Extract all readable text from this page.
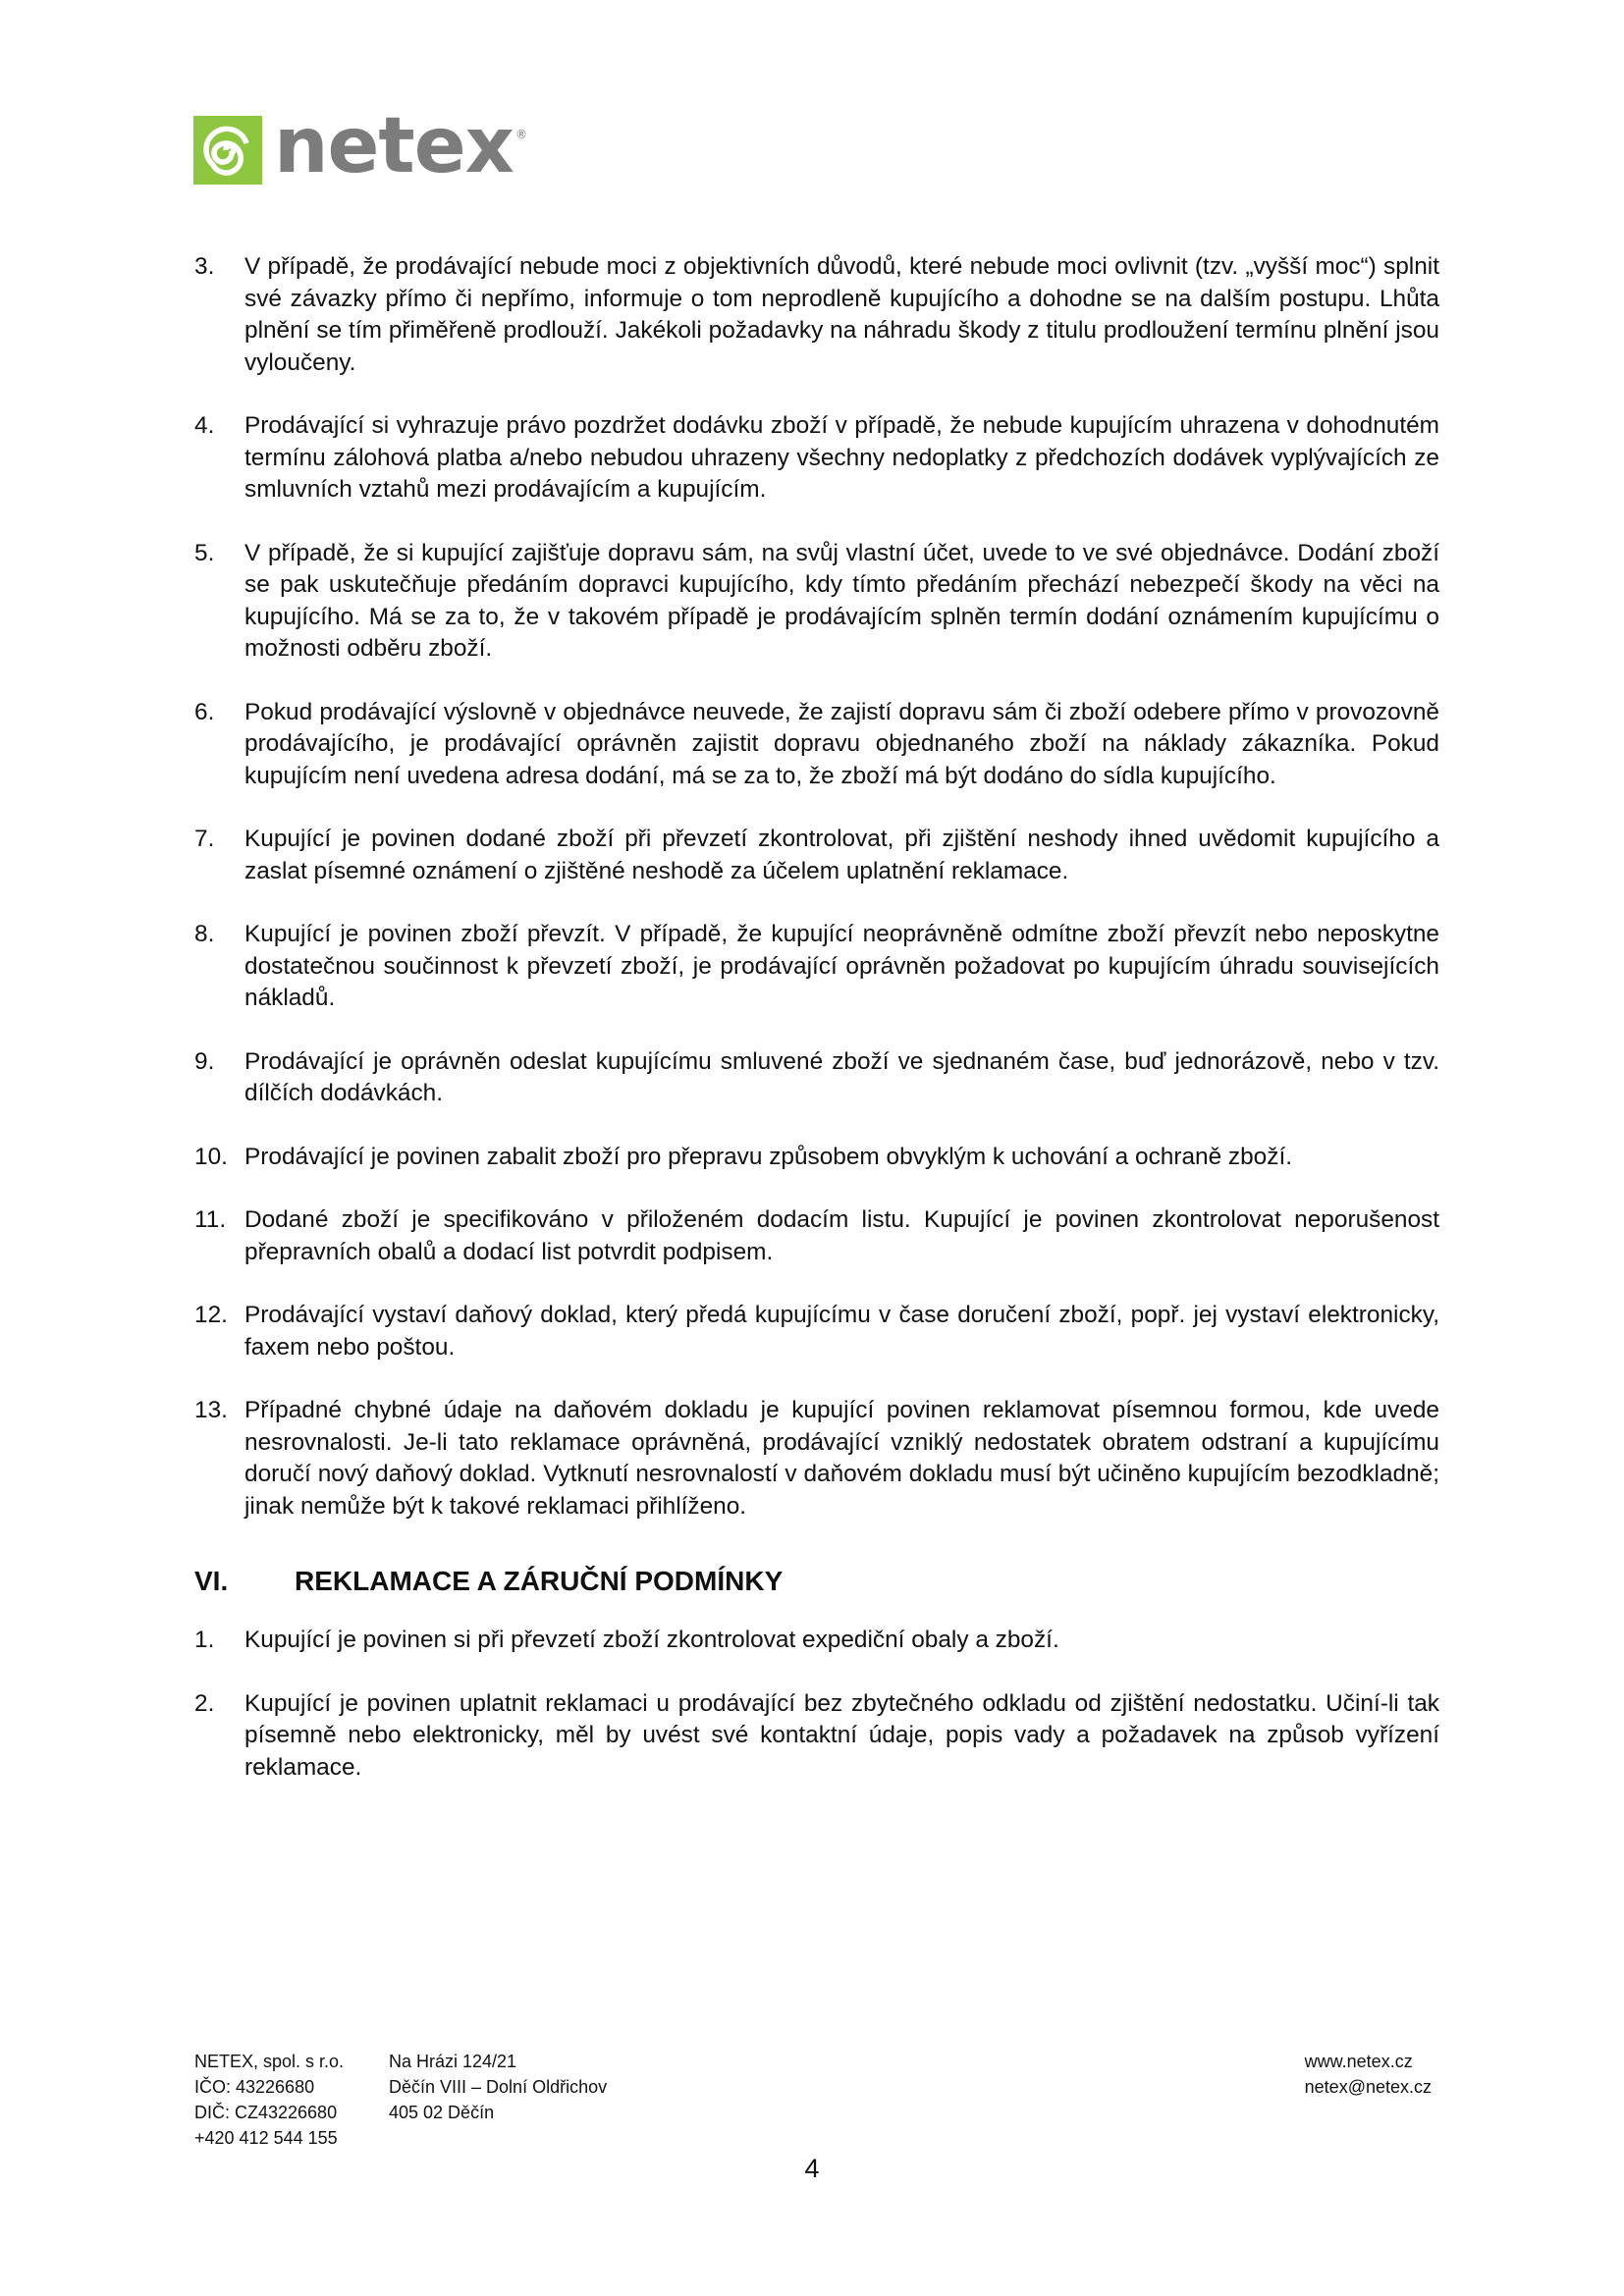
netex ®
3.	V případě, že prodávající nebude moci z objektivních důvodů, které nebude moci ovlivnit (tzv. „vyšší moc“) splnit své závazky přímo či nepřímo, informuje o tom neprodleně kupujícího a dohodne se na dalším postupu. Lhůta plnění se tím přiměřeně prodlouží. Jakékoli požadavky na náhradu škody z titulu prodloužení termínu plnění jsou vyloučeny.
4.	Prodávající si vyhrazuje právo pozdržet dodávku zboží v případě, že nebude kupujícím uhrazena v dohodnutém termínu zálohová platba a/nebo nebudou uhrazeny všechny nedoplatky z předchozích dodávek vyplývajících ze smluvních vztahů mezi prodávajícím a kupujícím.
5.	V případě, že si kupující zajišťuje dopravu sám, na svůj vlastní účet, uvede to ve své objednávce. Dodání zboží se pak uskutečňuje předáním dopravci kupujícího, kdy tímto předáním přechází nebezpečí škody na věci na kupujícího. Má se za to, že v takovém případě je prodávajícím splněn termín dodání oznámením kupujícímu o možnosti odběru zboží.
6.	Pokud prodávající výslovně v objednávce neuvede, že zajistí dopravu sám či zboží odebere přímo v provozovně prodávajícího, je prodávající oprávněn zajistit dopravu objednaného zboží na náklady zákazníka. Pokud kupujícím není uvedena adresa dodání, má se za to, že zboží má být dodáno do sídla kupujícího.
7.	Kupující je povinen dodané zboží při převzetí zkontrolovat, při zjištění neshody ihned uvědomit kupujícího a zaslat písemné oznámení o zjištěné neshodě za účelem uplatnění reklamace.
8.	Kupující je povinen zboží převzít. V případě, že kupující neoprávněně odmítne zboží převzít nebo neposkytne dostatečnou součinnost k převzetí zboží, je prodávající oprávněn požadovat po kupujícím úhradu souvisejících nákladů.
9.	Prodávající je oprávněn odeslat kupujícímu smluvené zboží ve sjednaném čase, buď jednorázově, nebo v tzv. dílčích dodávkách.
10. Prodávající je povinen zabalit zboží pro přepravu způsobem obvyklým k uchování a ochraně zboží.
11. Dodané zboží je specifikováno v přiloženém dodacím listu. Kupující je povinen zkontrolovat neporušenost přepravních obalů a dodací list potvrdit podpisem.
12. Prodávající vystaví daňový doklad, který předá kupujícímu v čase doručení zboží, popř. jej vystaví elektronicky, faxem nebo poštou.
13. Případné chybné údaje na daňovém dokladu je kupující povinen reklamovat písemnou formou, kde uvede nesrovnalosti. Je-li tato reklamace oprávněná, prodávající vzniklý nedostatek obratem odstraní a kupujícímu doručí nový daňový doklad. Vytknutí nesrovnalostí v daňovém dokladu musí být učiněno kupujícím bezodkladně; jinak nemůže být k takové reklamaci přihlíženo.
VI.	REKLAMACE A ZÁRUČNÍ PODMÍNKY
1.	Kupující je povinen si při převzetí zboží zkontrolovat expediční obaly a zboží.
2.	Kupující je povinen uplatnit reklamaci u prodávající bez zbytečného odkladu od zjištění nedostatku. Učiní-li tak písemně nebo elektronicky, měl by uvést své kontaktní údaje, popis vady a požadavek na způsob vyřízení reklamace.
NETEX, spol. s r.o.
IČO: 43226680
DIČ: CZ43226680
+420 412 544 155
Na Hrázi 124/21
Děčín VIII – Dolní Oldřichov
405 02 Děčín
www.netex.cz
netex@netex.cz
4
